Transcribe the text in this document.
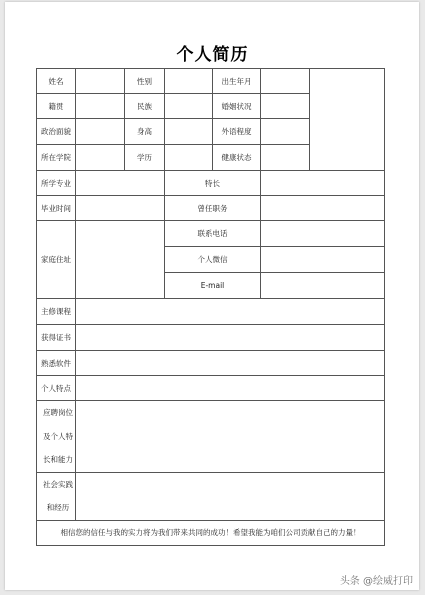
个人简历
姓名		性别		出生年月		
籍贯		民族		婚姻状况		
政治面貌		身高		外语程度		
所在学院		学历		健康状态		
所学专业			特长			
毕业时间			曾任职务			
家庭住址			联系电话			
			个人微信			
			E-mail			
主修课程						
获得证书						
熟悉软件						
个人特点						

应聘岗位
及个人特
长和能力						

社会实践
和经历						

相信您的信任与我的实力将为我们带来共同的成功！希望我能为咱们公司贡献自己的力量！						
头条 @绘威打印
